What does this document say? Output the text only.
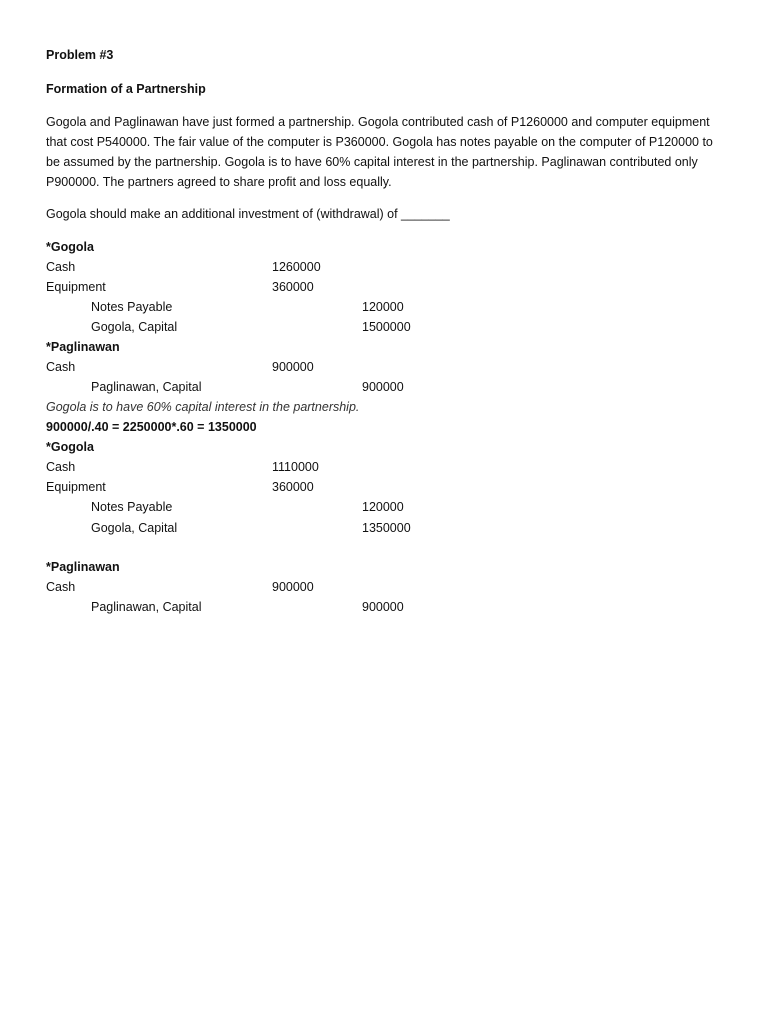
Problem #3
Formation of a Partnership
Gogola and Paglinawan have just formed a partnership. Gogola contributed cash of P1260000 and computer equipment that cost P540000. The fair value of the computer is P360000. Gogola has notes payable on the computer of P120000 to be assumed by the partnership. Gogola is to have 60% capital interest in the partnership. Paglinawan contributed only P900000. The partners agreed to share profit and loss equally.
Gogola should make an additional investment of (withdrawal) of _______
*Gogola
Cash	1260000
Equipment	360000
Notes Payable	120000
Gogola, Capital	1500000
*Paglinawan
Cash	900000
Paglinawan, Capital	900000
Gogola is to have 60% capital interest in the partnership.
900000/.40 = 2250000*.60 = 1350000
*Gogola
Cash	1110000
Equipment	360000
Notes Payable	120000
Gogola, Capital	1350000
*Paglinawan
Cash	900000
Paglinawan, Capital	900000
